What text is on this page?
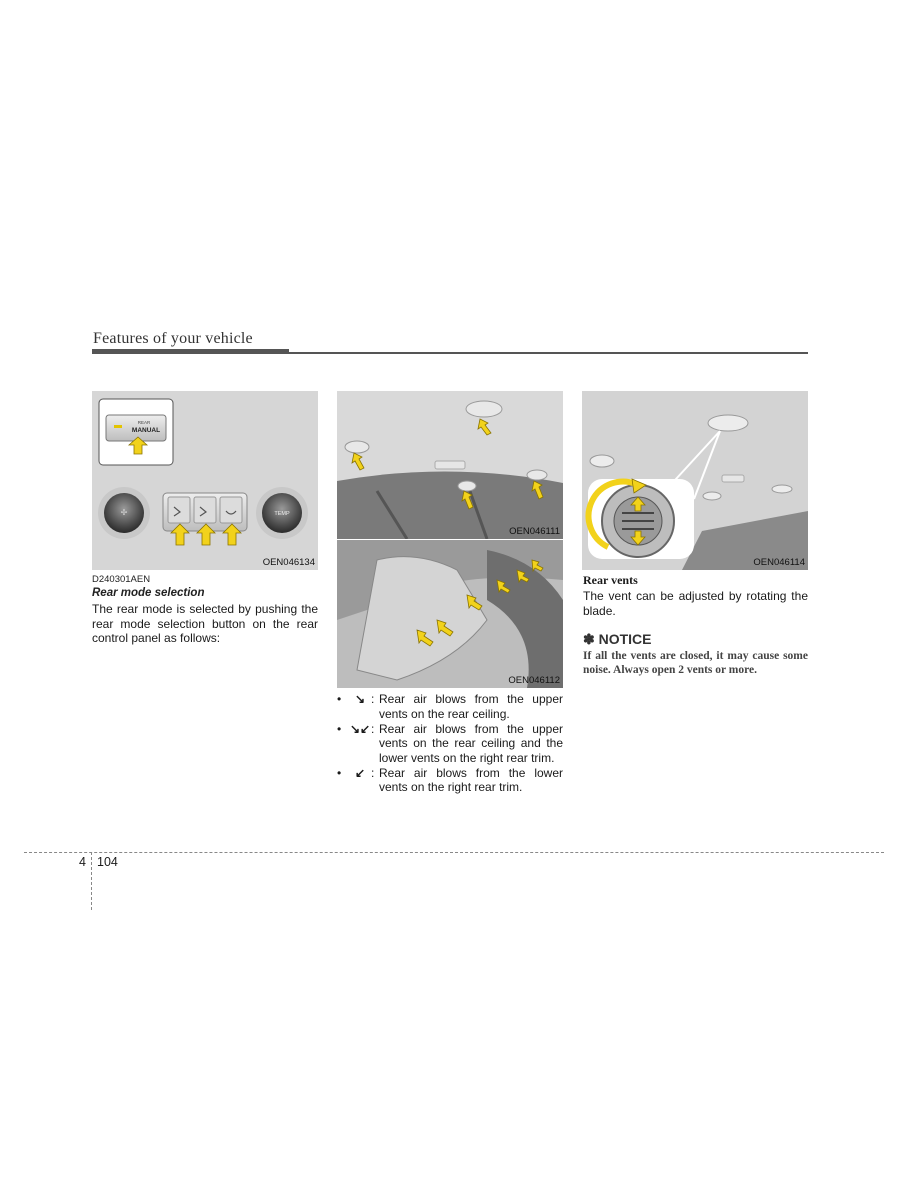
Features of your vehicle
REAR
MANUAL
✢	TEMP
OEN046134
D240301AEN
Rear mode selection
The rear mode is selected by pushing the rear mode selection button on the rear control panel as follows:
OEN046111
OEN046112
•	↘ : Rear air blows from the upper vents on the rear ceiling.
• ↘↙ : Rear air blows from the upper vents on the rear ceiling and the lower vents on the right rear trim.
•	↙ : Rear air blows from the lower vents on the right rear trim.
OEN046114
Rear vents
The vent can be adjusted by rotating the blade.
✽ NOTICE
If all the vents are closed, it may cause some noise. Always open 2 vents or more.
4 104
